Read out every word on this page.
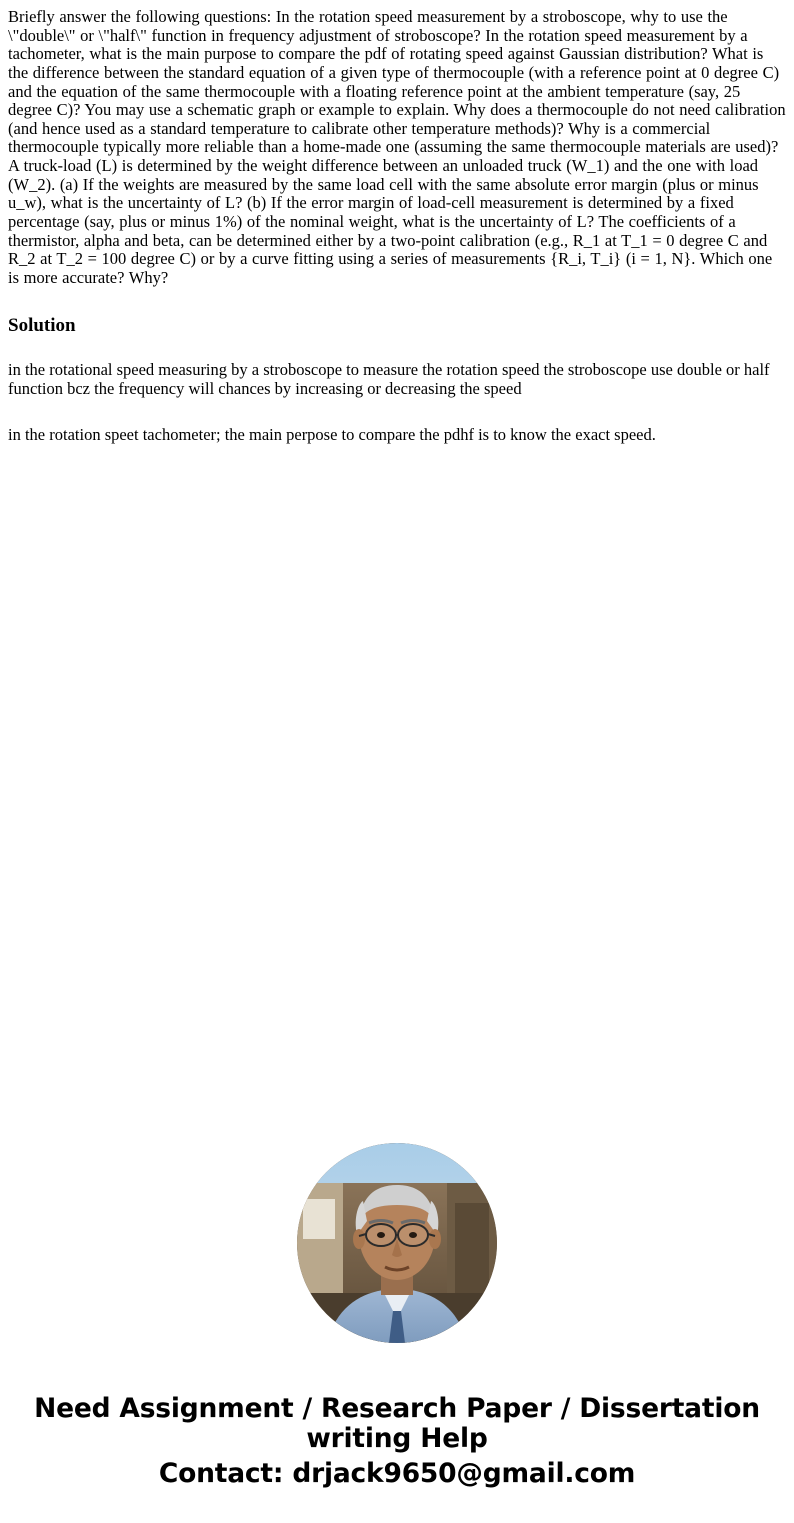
Briefly answer the following questions: In the rotation speed measurement by a stroboscope, why to use the \"double\" or \"half\" function in frequency adjustment of stroboscope? In the rotation speed measurement by a tachometer, what is the main purpose to compare the pdf of rotating speed against Gaussian distribution? What is the difference between the standard equation of a given type of thermocouple (with a reference point at 0 degree C) and the equation of the same thermocouple with a floating reference point at the ambient temperature (say, 25 degree C)? You may use a schematic graph or example to explain. Why does a thermocouple do not need calibration (and hence used as a standard temperature to calibrate other temperature methods)? Why is a commercial thermocouple typically more reliable than a home-made one (assuming the same thermocouple materials are used)? A truck-load (L) is determined by the weight difference between an unloaded truck (W_1) and the one with load (W_2). (a) If the weights are measured by the same load cell with the same absolute error margin (plus or minus u_w), what is the uncertainty of L? (b) If the error margin of load-cell measurement is determined by a fixed percentage (say, plus or minus 1%) of the nominal weight, what is the uncertainty of L? The coefficients of a thermistor, alpha and beta, can be determined either by a two-point calibration (e.g., R_1 at T_1 = 0 degree C and R_2 at T_2 = 100 degree C) or by a curve fitting using a series of measurements {R_i, T_i} (i = 1, N}. Which one is more accurate? Why?

Solution

in the rotational speed measuring by a stroboscope to measure the rotation speed the stroboscope use double or half function bcz the frequency will chances by increasing or decreasing the speed

in the rotation speet tachometer; the main perpose to compare the pdhf is to know the exact speed.

Need Assignment / Research Paper / Dissertation
writing Help
Contact: drjack9650@gmail.com
